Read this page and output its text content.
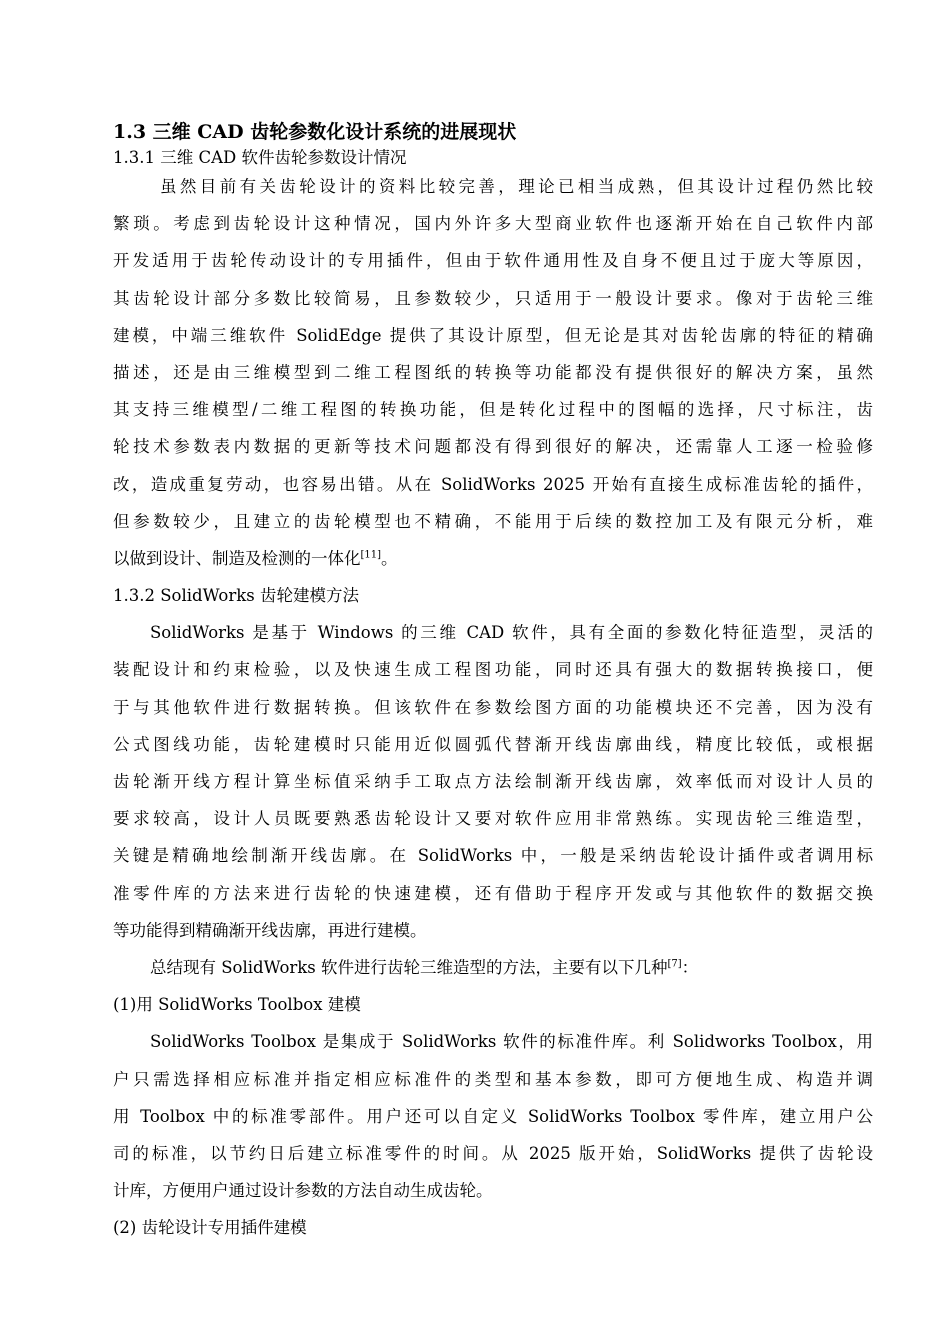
1.3 三维 CAD 齿轮参数化设计系统的进展现状
1.3.1 三维 CAD 软件齿轮参数设计情况
虽然目前有关齿轮设计的资料比较完善，理论已相当成熟，但其设计过程仍然比较
繁琐。考虑到齿轮设计这种情况，国内外许多大型商业软件也逐渐开始在自己软件内部
开发适用于齿轮传动设计的专用插件，但由于软件通用性及自身不便且过于庞大等原因，
其齿轮设计部分多数比较简易，且参数较少，只适用于一般设计要求。像对于齿轮三维
建模，中端三维软件 SolidEdge 提供了其设计原型，但无论是其对齿轮齿廓的特征的精确
描述，还是由三维模型到二维工程图纸的转换等功能都没有提供很好的解决方案，虽然
其支持三维模型/二维工程图的转换功能，但是转化过程中的图幅的选择，尺寸标注，齿
轮技术参数表内数据的更新等技术问题都没有得到很好的解决，还需靠人工逐一检验修
改，造成重复劳动，也容易出错。从在 SolidWorks 2025 开始有直接生成标准齿轮的插件，
但参数较少，且建立的齿轮模型也不精确，不能用于后续的数控加工及有限元分析，难
以做到设计、制造及检测的一体化[11]。
1.3.2 SolidWorks 齿轮建模方法
SolidWorks 是基于 Windows 的三维 CAD 软件，具有全面的参数化特征造型，灵活的
装配设计和约束检验，以及快速生成工程图功能，同时还具有强大的数据转换接口，便
于与其他软件进行数据转换。但该软件在参数绘图方面的功能模块还不完善，因为没有
公式图线功能，齿轮建模时只能用近似圆弧代替渐开线齿廓曲线，精度比较低，或根据
齿轮渐开线方程计算坐标值采纳手工取点方法绘制渐开线齿廓，效率低而对设计人员的
要求较高，设计人员既要熟悉齿轮设计又要对软件应用非常熟练。实现齿轮三维造型，
关键是精确地绘制渐开线齿廓。在 SolidWorks 中，一般是采纳齿轮设计插件或者调用标
准零件库的方法来进行齿轮的快速建模，还有借助于程序开发或与其他软件的数据交换
等功能得到精确渐开线齿廓，再进行建模。
总结现有 SolidWorks 软件进行齿轮三维造型的方法，主要有以下几种[7]：
(1)用 SolidWorks Toolbox 建模
SolidWorks Toolbox 是集成于 SolidWorks 软件的标准件库。利 Solidworks Toolbox，用
户只需选择相应标准并指定相应标准件的类型和基本参数，即可方便地生成、构造并调
用 Toolbox 中的标准零部件。用户还可以自定义 SolidWorks Toolbox 零件库，建立用户公
司的标准，以节约日后建立标准零件的时间。从 2025 版开始，SolidWorks 提供了齿轮设
计库，方便用户通过设计参数的方法自动生成齿轮。
(2) 齿轮设计专用插件建模
